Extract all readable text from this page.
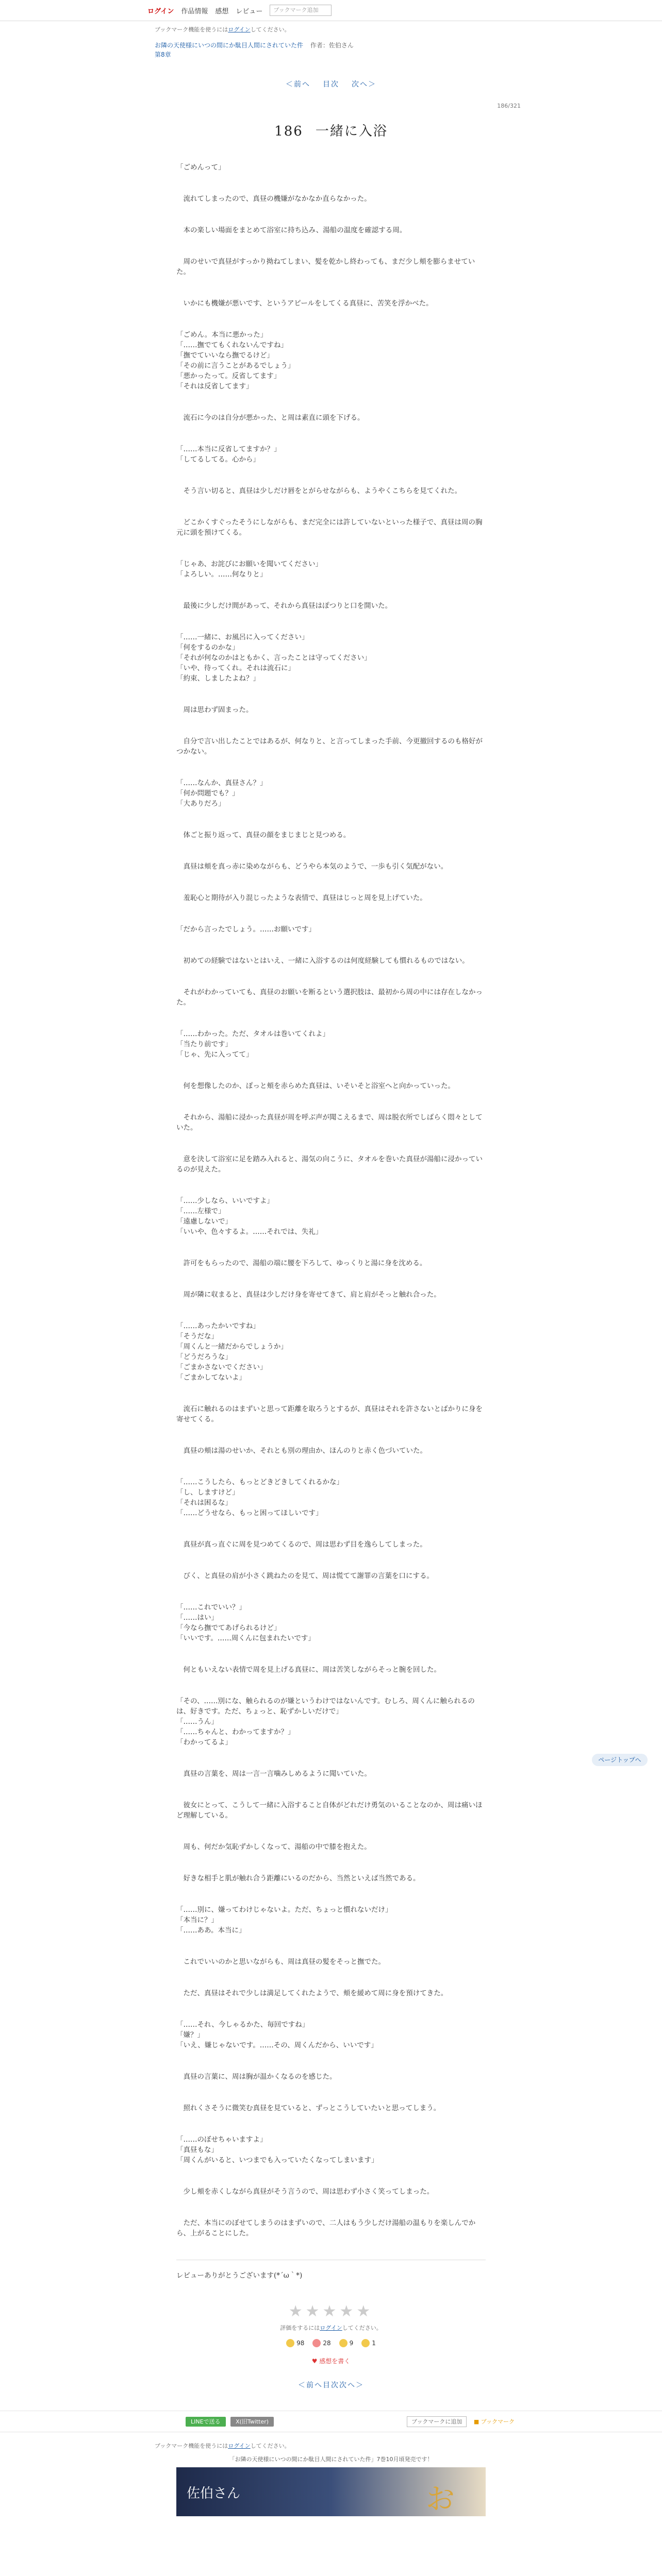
ログイン 作品情報 感想 レビュー	ブックマーク追加
ブックマーク機能を使うにはログインしてください。
お隣の天使様にいつの間にか駄目人間にされていた件 作者：佐伯さん
第8章
＜前へ 目次 次へ＞
186/321
186 一緒に入浴
「ごめんって」
　流れてしまったので、真昼の機嫌がなかなか直らなかった。
　本の楽しい場面をまとめて浴室に持ち込み、湯船の温度を確認する周。
　周のせいで真昼がすっかり拗ねてしまい、髪を乾かし終わっても、まだ少し頬を膨らませていた。
　いかにも機嫌が悪いです、というアピールをしてくる真昼に、苦笑を浮かべた。
「ごめん。本当に悪かった」
「……撫でてもくれないんですね」
「撫でていいなら撫でるけど」
「その前に言うことがあるでしょう」
「悪かったって。反省してます」
「それは反省してます」
　流石に今のは自分が悪かった、と周は素直に頭を下げる。
「……本当に反省してますか？」
「してるしてる。心から」
　そう言い切ると、真昼は少しだけ唇をとがらせながらも、ようやくこちらを見てくれた。
　どこかくすぐったそうにしながらも、まだ完全には許していないといった様子で、真昼は周の胸元に頭を預けてくる。
「じゃあ、お詫びにお願いを聞いてください」
「よろしい。……何なりと」
　最後に少しだけ間があって、それから真昼はぽつりと口を開いた。
「……一緒に、お風呂に入ってください」
「何をするのかな」
「それが何なのかはともかく、言ったことは守ってください」
「いや、待ってくれ。それは流石に」
「約束、しましたよね？」
　周は思わず固まった。
　自分で言い出したことではあるが、何なりと、と言ってしまった手前、今更撤回するのも格好がつかない。
「……なんか、真昼さん？」
「何か問題でも？」
「大ありだろ」
　体ごと振り返って、真昼の顔をまじまじと見つめる。
　真昼は頬を真っ赤に染めながらも、どうやら本気のようで、一歩も引く気配がない。
　羞恥心と期待が入り混じったような表情で、真昼はじっと周を見上げていた。
「だから言ったでしょう。……お願いです」
　初めての経験ではないとはいえ、一緒に入浴するのは何度経験しても慣れるものではない。
　それがわかっていても、真昼のお願いを断るという選択肢は、最初から周の中には存在しなかった。
「……わかった。ただ、タオルは巻いてくれよ」
「当たり前です」
「じゃ、先に入ってて」
　何を想像したのか、ぽっと頬を赤らめた真昼は、いそいそと浴室へと向かっていった。
　それから、湯船に浸かった真昼が周を呼ぶ声が聞こえるまで、周は脱衣所でしばらく悶々としていた。
　意を決して浴室に足を踏み入れると、湯気の向こうに、タオルを巻いた真昼が湯船に浸かっているのが見えた。
「……少しなら、いいですよ」
「……左様で」
「遠慮しないで」
「いいや、色々するよ。……それでは、失礼」
　許可をもらったので、湯船の端に腰を下ろして、ゆっくりと湯に身を沈める。
　周が隣に収まると、真昼は少しだけ身を寄せてきて、肩と肩がそっと触れ合った。
「……あったかいですね」
「そうだな」
「周くんと一緒だからでしょうか」
「どうだろうな」
「ごまかさないでください」
「ごまかしてないよ」
　流石に触れるのはまずいと思って距離を取ろうとするが、真昼はそれを許さないとばかりに身を寄せてくる。
　真昼の頬は湯のせいか、それとも別の理由か、ほんのりと赤く色づいていた。
「……こうしたら、もっとどきどきしてくれるかな」
「し、しますけど」
「それは困るな」
「……どうせなら、もっと困ってほしいです」
　真昼が真っ直ぐに周を見つめてくるので、周は思わず目を逸らしてしまった。
　びく、と真昼の肩が小さく跳ねたのを見て、周は慌てて謝罪の言葉を口にする。
「……これでいい？」
「……はい」
「今なら撫でてあげられるけど」
「いいです。……周くんに包まれたいです」
　何ともいえない表情で周を見上げる真昼に、周は苦笑しながらそっと腕を回した。
「その、……別にな、触られるのが嫌というわけではないんです。むしろ、周くんに触られるのは、好きです。ただ、ちょっと、恥ずかしいだけで」
「……うん」
「……ちゃんと、わかってますか？」
「わかってるよ」
　真昼の言葉を、周は一言一言噛みしめるように聞いていた。
　彼女にとって、こうして一緒に入浴すること自体がどれだけ勇気のいることなのか、周は痛いほど理解している。
　周も、何だか気恥ずかしくなって、湯船の中で膝を抱えた。
　好きな相手と肌が触れ合う距離にいるのだから、当然といえば当然である。
「……別に、嫌ってわけじゃないよ。ただ、ちょっと慣れないだけ」
「本当に？」
「……ああ。本当に」
　これでいいのかと思いながらも、周は真昼の髪をそっと撫でた。
　ただ、真昼はそれで少しは満足してくれたようで、頬を緩めて周に身を預けてきた。
「……それ、今しゃるかた、毎回ですね」
「嫌？」
「いえ、嫌じゃないです。……その、周くんだから、いいです」
　真昼の言葉に、周は胸が温かくなるのを感じた。
　照れくさそうに微笑む真昼を見ていると、ずっとこうしていたいと思ってしまう。
「……のぼせちゃいますよ」
「真昼もな」
「周くんがいると、いつまでも入っていたくなってしまいます」
　少し頬を赤くしながら真昼がそう言うので、周は思わず小さく笑ってしまった。
　ただ、本当にのぼせてしまうのはまずいので、二人はもう少しだけ湯船の温もりを楽しんでから、上がることにした。
レビューありがとうございます(*´ω｀*)
★★★★★
評価をするにはログインしてください。
98	28	9	1
♥ 感想を書く
＜前へ目次次へ＞
LINEで送る	X(旧Twitter)	ブックマークに追加 ■ ブックマーク
ブックマーク機能を使うにはログインしてください。
「お隣の天使様にいつの間にか駄目人間にされていた件」7巻10月頃発売です！
佐伯さん	お
ページトップへ
